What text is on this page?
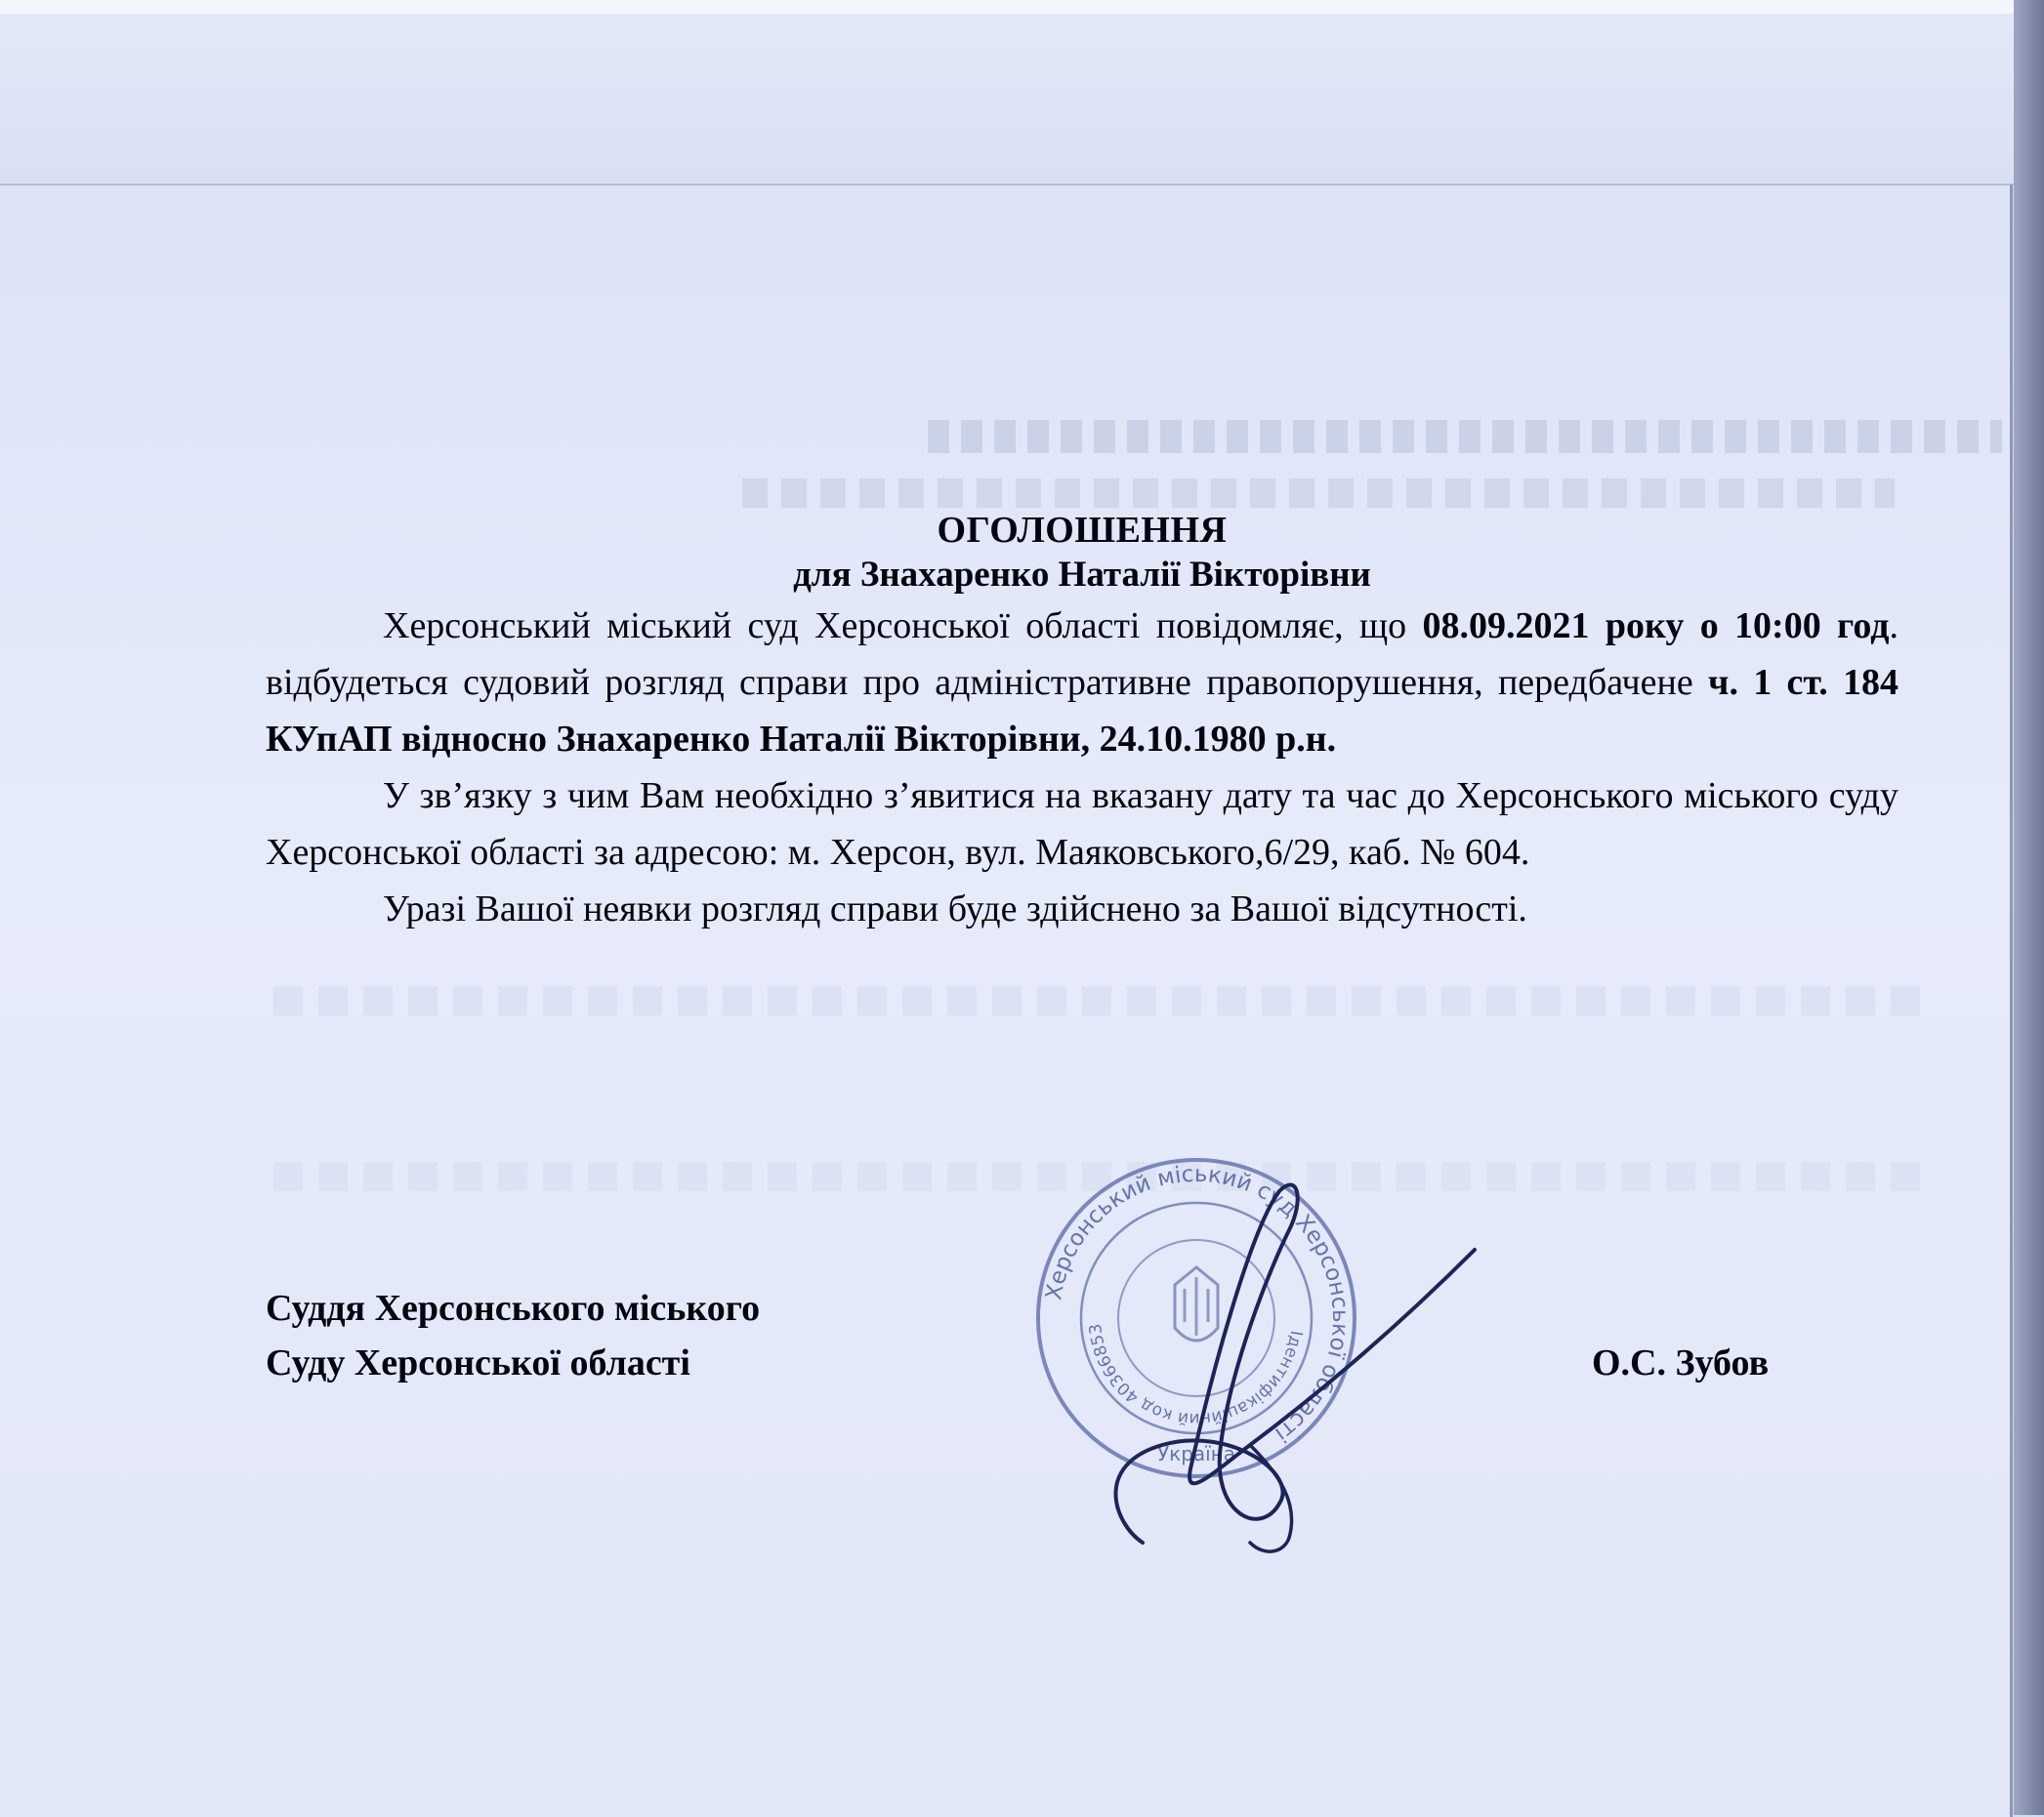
ОГОЛОШЕННЯ
для Знахаренко Наталії Вікторівни

Херсонський міський суд Херсонської області повідомляє, що 08.09.2021 року о 10:00 год. відбудеться судовий розгляд справи про адміністративне правопорушення, передбачене ч. 1 ст. 184 КУпАП відносно Знахаренко Наталії Вікторівни, 24.10.1980 р.н.

У зв’язку з чим Вам необхідно з’явитися на вказану дату та час до Херсонського міського суду Херсонської області за адресою: м. Херсон, вул. Маяковського,6/29, каб. № 604.

Уразі Вашої неявки розгляд справи буде здійснено за Вашої відсутності.

Суддя Херсонського міського
Суду Херсонської області	О.С. Зубов
Херсонський міський суд Херсонської області
Ідентифікаційний код 40366853
Україна
